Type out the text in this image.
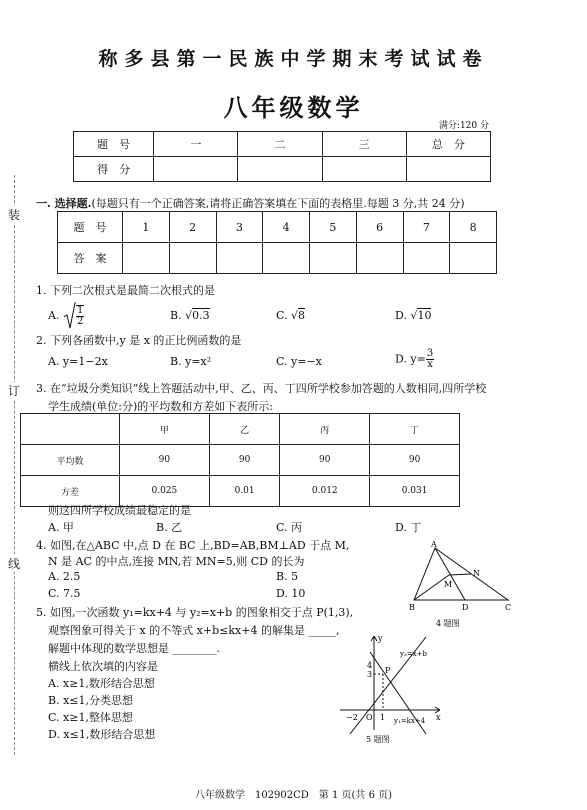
称多县第一民族中学期末考试试卷
八年级数学
满分:120 分
题　号	一	二	三	总　分
得　分				
装
订
线
一. 选择题.(每题只有一个正确答案,请将正确答案填在下面的表格里.每题 3 分,共 24 分)
题　号	1	2	3	4	5	6	7	8
答　案								
1. 下列二次根式是最简二次根式的是
A. $\frac{1}{2}$	B. √0.3	C. √8	D. √10
2. 下列各函数中,y 是 x 的正比例函数的是
A. y=1−2x	B. y=x²	C. y=−x	D. $y= \frac{3}{x}$
3. 在“垃圾分类知识”线上答题活动中,甲、乙、丙、丁四所学校参加答题的人数相同,四所学校
学生成绩(单位:分)的平均数和方差如下表所示:
	甲	乙	丙	丁
平均数	90	90	90	90
方差	0.025	0.01	0.012	0.031
则这四所学校成绩最稳定的是
A. 甲	B. 乙	C. 丙	D. 丁
4. 如图,在△ABC 中,点 D 在 BC 上,BD=AB,BM⊥AD 于点 M,
N 是 AC 的中点,连接 MN,若 MN=5,则 CD 的长为
A. 2.5	B. 5
C. 7.5	D. 10
A
B	C
D
M
N
4 题图
5. 如图,一次函数 y₁=kx+4 与 y₂=x+b 的图象相交于点 P(1,3),
观察图象可得关于 x 的不等式 x+b≤kx+4 的解集是 _____,
解题中体现的数学思想是 ________.
横线上依次填的内容是
A. x≥1,数形结合思想
B. x≤1,分类思想
C. x≥1,整体思想
D. x≤1,数形结合思想
y
x
O
4
3
−2	1
P
y₂=x+b
y₁=kx+4
5 题图
八年级数学　102902CD　第 1 页(共 6 页)
